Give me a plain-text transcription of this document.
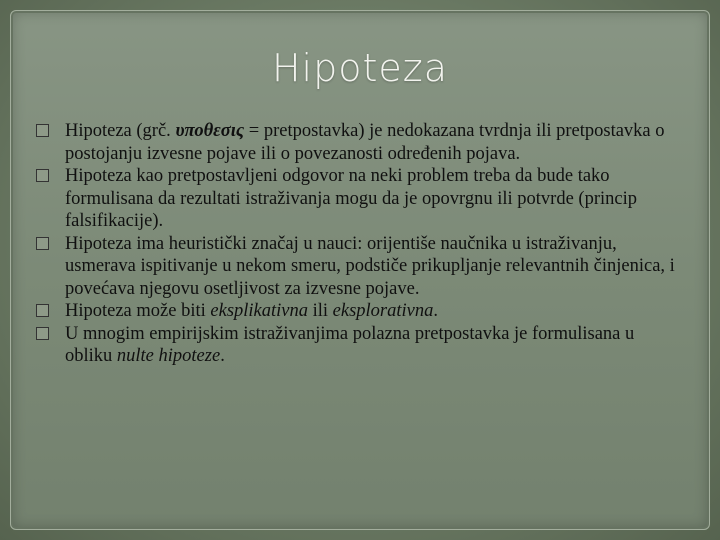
Hipoteza
Hipoteza (grč. υποθεσις = pretpostavka) je nedokazana tvrdnja ili pretpostavka o postojanju izvesne pojave ili o povezanosti određenih pojava.
Hipoteza kao pretpostavljeni odgovor na neki problem treba da bude tako formulisana da rezultati istraživanja mogu da je opovrgnu ili potvrde (princip falsifikacije).
Hipoteza ima heuristički značaj u nauci: orijentiše naučnika u istraživanju, usmerava ispitivanje u nekom smeru, podstiče prikupljanje relevantnih činjenica, i povećava njegovu osetljivost za izvesne pojave.
Hipoteza može biti eksplikativna ili eksplorativna.
U mnogim empirijskim istraživanjima polazna pretpostavka je formulisana u obliku nulte hipoteze.
